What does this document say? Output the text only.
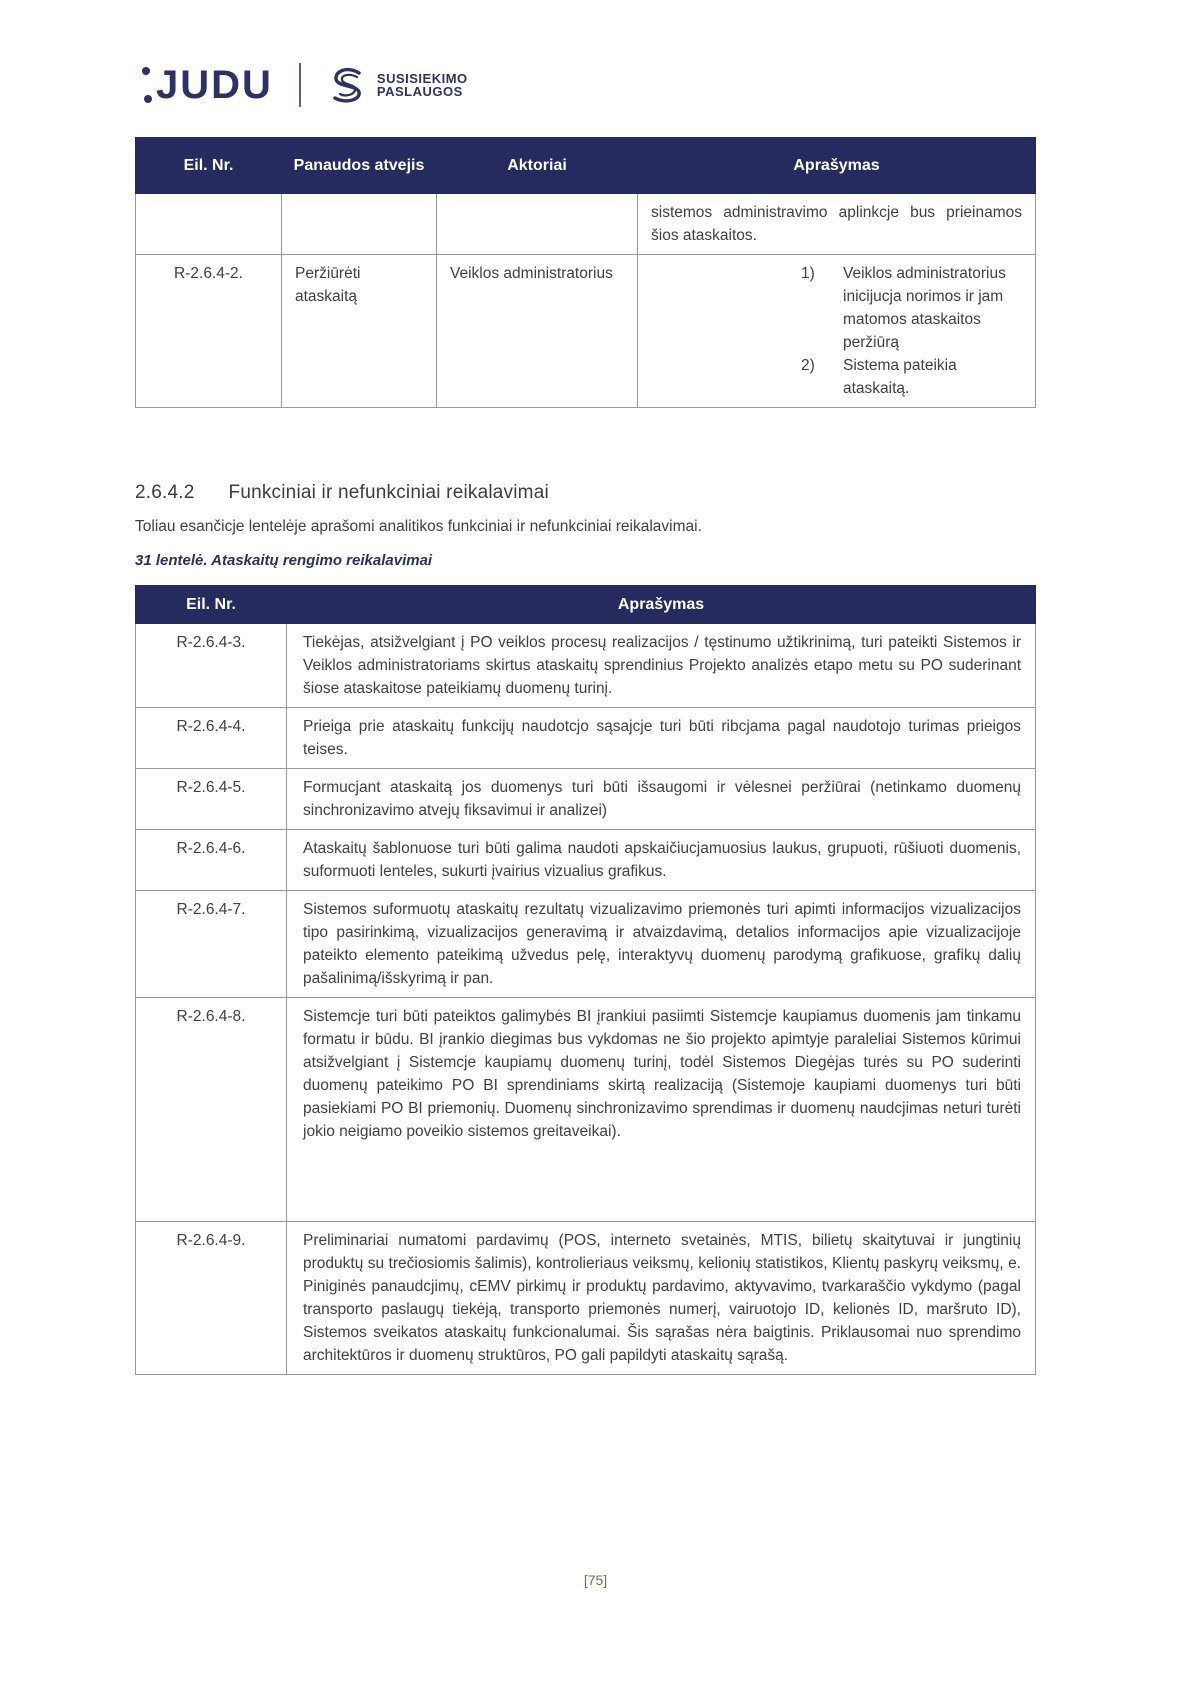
JUDU	SUSISIEKIMO
PASLAUGOS
Eil. Nr.	Panaudos atvejis	Aktoriai	Aprašymas
			sistemos administravimo aplinkcje bus prieinamos šios ataskaitos.
R-2.6.4-2.	Peržiūrėti ataskaitą	Veiklos administratorius	1) Veiklos administratorius inicijucja norimos ir jam matomos ataskaitos peržiūrą
2) Sistema pateikia ataskaitą.
2.6.4.2 Funkciniai ir nefunkciniai reikalavimai

Toliau esančicje lentelėje aprašomi analitikos funkciniai ir nefunkciniai reikalavimai.

31 lentelė. Ataskaitų rengimo reikalavimai

Eil. Nr.	Aprašymas
R-2.6.4-3.	Tiekėjas, atsižvelgiant į PO veiklos procesų realizacijos / tęstinumo užtikrinimą, turi pateikti Sistemos ir Veiklos administratoriams skirtus ataskaitų sprendinius Projekto analizės etapo metu su PO suderinant šiose ataskaitose pateikiamų duomenų turinį.
R-2.6.4-4.	Prieiga prie ataskaitų funkcijų naudotcjo sąsajcje turi būti ribcjama pagal naudotojo turimas prieigos teises.
R-2.6.4-5.	Formucjant ataskaitą jos duomenys turi būti išsaugomi ir vėlesnei peržiūrai (netinkamo duomenų sinchronizavimo atvejų fiksavimui ir analizei)
R-2.6.4-6.	Ataskaitų šablonuose turi būti galima naudoti apskaičiucjamuosius laukus, grupuoti, rūšiuoti duomenis, suformuoti lenteles, sukurti įvairius vizualius grafikus.
R-2.6.4-7.	Sistemos suformuotų ataskaitų rezultatų vizualizavimo priemonės turi apimti informacijos vizualizacijos tipo pasirinkimą, vizualizacijos generavimą ir atvaizdavimą, detalios informacijos apie vizualizacijoje pateikto elemento pateikimą užvedus pelę, interaktyvų duomenų parodymą grafikuose, grafikų dalių pašalinimą/išskyrimą ir pan.
R-2.6.4-8.	Sistemcje turi būti pateiktos galimybės BI įrankiui pasiimti Sistemcje kaupiamus duomenis jam tinkamu formatu ir būdu. BI įrankio diegimas bus vykdomas ne šio projekto apimtyje paraleliai Sistemos kūrimui atsižvelgiant į Sistemcje kaupiamų duomenų turinį, todėl Sistemos Diegėjas turės su PO suderinti duomenų pateikimo PO BI sprendiniams skirtą realizaciją (Sistemoje kaupiami duomenys turi būti pasiekiami PO BI priemonių. Duomenų sinchronizavimo sprendimas ir duomenų naudcjimas neturi turėti jokio neigiamo poveikio sistemos greitaveikai).
R-2.6.4-9.	Preliminariai numatomi pardavimų (POS, interneto svetainės, MTIS, bilietų skaitytuvai ir jungtinių produktų su trečiosiomis šalimis), kontrolieriaus veiksmų, kelionių statistikos, Klientų paskyrų veiksmų, e. Piniginės panaudcjimų, cEMV pirkimų ir produktų pardavimo, aktyvavimo, tvarkaraščio vykdymo (pagal transporto paslaugų tiekėją, transporto priemonės numerį, vairuotojo ID, kelionės ID, maršruto ID), Sistemos sveikatos ataskaitų funkcionalumai. Šis sąrašas nėra baigtinis. Priklausomai nuo sprendimo architektūros ir duomenų struktūros, PO gali papildyti ataskaitų sąrašą.
[75]
